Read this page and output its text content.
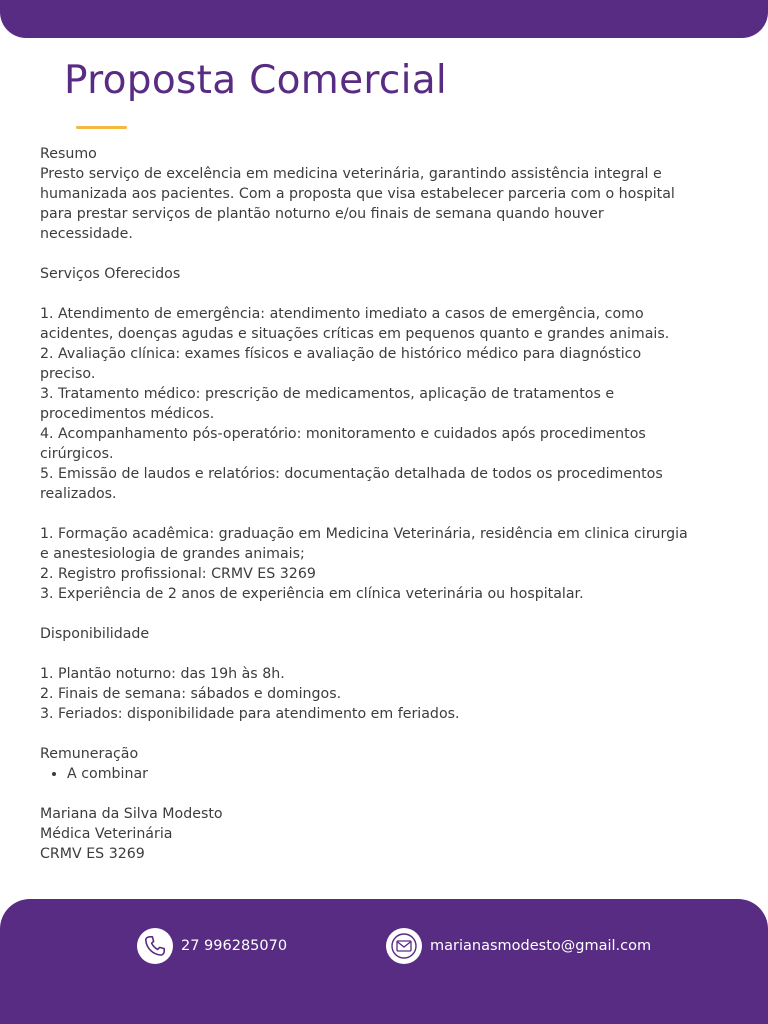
Proposta Comercial
Resumo
Presto serviço de excelência em medicina veterinária, garantindo assistência integral e
humanizada aos pacientes. Com a proposta que visa estabelecer parceria com o hospital
para prestar serviços de plantão noturno e/ou finais de semana quando houver
necessidade.
Serviços Oferecidos
1. Atendimento de emergência: atendimento imediato a casos de emergência, como
acidentes, doenças agudas e situações críticas em pequenos quanto e grandes animais.
2. Avaliação clínica: exames físicos e avaliação de histórico médico para diagnóstico
preciso.
3. Tratamento médico: prescrição de medicamentos, aplicação de tratamentos e
procedimentos médicos.
4. Acompanhamento pós-operatório: monitoramento e cuidados após procedimentos
cirúrgicos.
5. Emissão de laudos e relatórios: documentação detalhada de todos os procedimentos
realizados.
1. Formação acadêmica: graduação em Medicina Veterinária, residência em clinica cirurgia
e anestesiologia de grandes animais;
2. Registro profissional: CRMV ES 3269
3. Experiência de 2 anos de experiência em clínica veterinária ou hospitalar.
Disponibilidade
1. Plantão noturno: das 19h às 8h.
2. Finais de semana: sábados e domingos.
3. Feriados: disponibilidade para atendimento em feriados.
Remuneração
• A combinar
Mariana da Silva Modesto
Médica Veterinária
CRMV ES 3269
27 996285070	marianasmodesto@gmail.com
